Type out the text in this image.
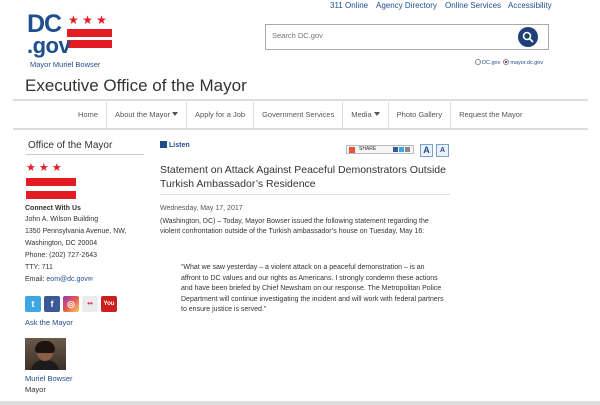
311 Online Agency Directory Online Services Accessibility
DC ★ ★ ★
.gov
Mayor Muriel Bowser
Search DC.gov	DC.gov mayor.dc.gov
Executive Office of the Mayor
Home	About the Mayor	Apply for a Job	Government Services	Media	Photo Gallery	Request the Mayor
Office of the Mayor
★ ★ ★
Connect With Us
John A. Wilson Building
1350 Pennsylvania Avenue, NW,
Washington, DC 20004
Phone: (202) 727-2643
TTY: 711
Email: eom@dc.gov✉
t	f	◎	••	You
Ask the Mayor
Muriel Bowser
Mayor
Listen	SHARE	A	A
Statement on Attack Against Peaceful Demonstrators Outside Turkish Ambassador’s Residence
Wednesday, May 17, 2017
(Washington, DC) – Today, Mayor Bowser issued the following statement regarding the violent confrontation outside of the Turkish ambassador’s house on Tuesday, May 16:
“What we saw yesterday – a violent attack on a peaceful demonstration – is an affront to DC values and our rights as Americans. I strongly condemn these actions and have been briefed by Chief Newsham on our response. The Metropolitan Police Department will continue investigating the incident and will work with federal partners to ensure justice is served.”
